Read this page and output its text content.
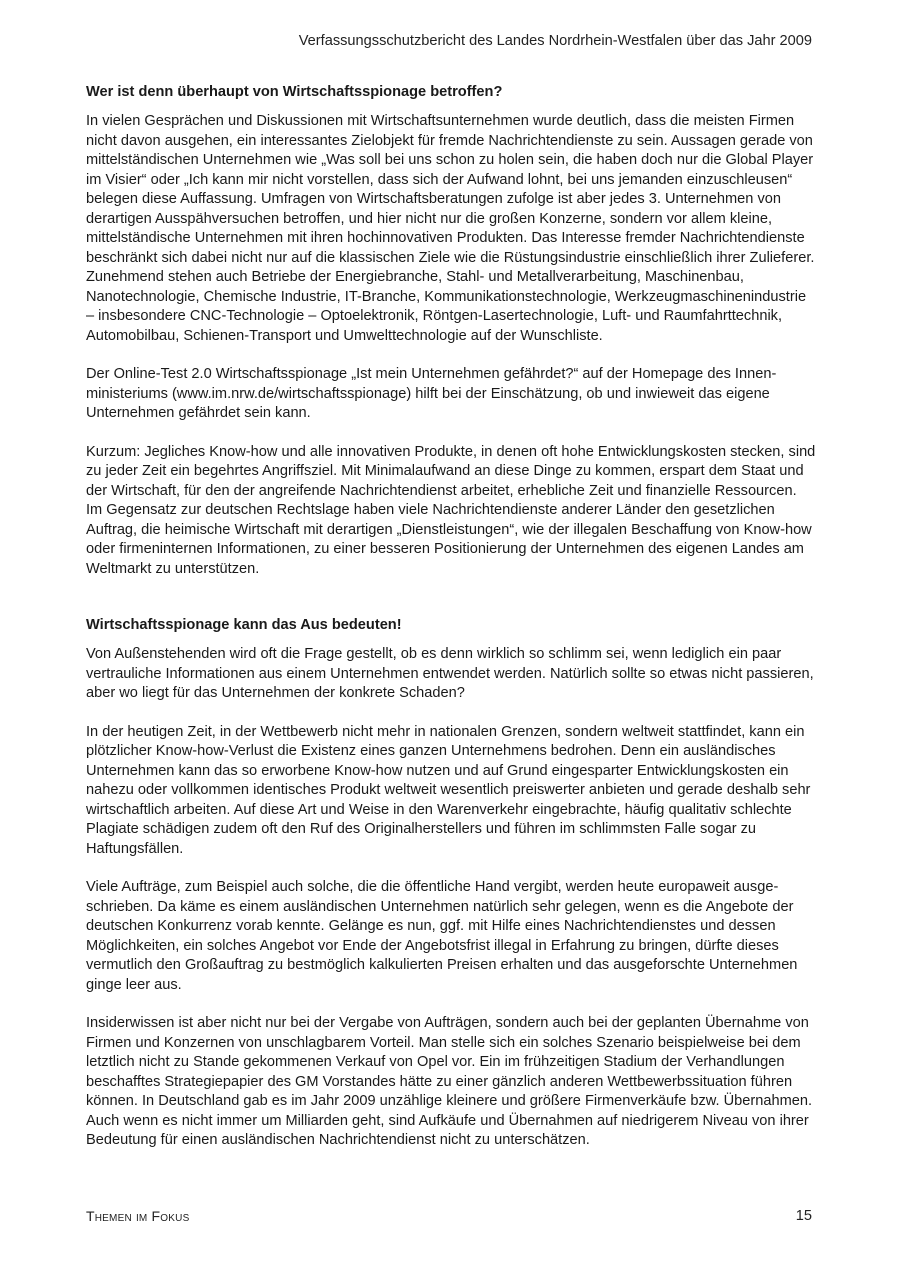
Verfassungsschutzbericht des Landes Nordrhein-Westfalen über das Jahr 2009
Wer ist denn überhaupt von Wirtschaftsspionage betroffen?

In vielen Gesprächen und Diskussionen mit Wirtschaftsunternehmen wurde deutlich, dass die meisten Firmen nicht davon ausgehen, ein interessantes Zielobjekt für fremde Nachrichtendienste zu sein. Aussagen gerade von mittelständischen Unternehmen wie „Was soll bei uns schon zu holen sein, die haben doch nur die Global Player im Visier“ oder „Ich kann mir nicht vorstellen, dass sich der Aufwand lohnt, bei uns jemanden einzuschleusen“ belegen diese Auffassung. Umfragen von Wirtschaftsberatungen zufolge ist aber jedes 3. Unternehmen von derartigen Ausspähversuchen betroffen, und hier nicht nur die großen Konzerne, sondern vor allem kleine, mittelständische Unternehmen mit ihren hochinnovativen Produkten. Das Interesse fremder Nachrichtendienste beschränkt sich dabei nicht nur auf die klassischen Ziele wie die Rüstungsindustrie einschließlich ihrer Zulieferer. Zunehmend stehen auch Betriebe der Energiebranche, Stahl- und Metallverarbeitung, Maschinenbau, Nanotechnologie, Chemische Industrie, IT-Branche, Kommunikationstechnologie, Werkzeugmaschinenindustrie – insbesondere CNC-Technologie – Optoelektronik, Röntgen-Lasertechnologie, Luft- und Raumfahrttechnik, Automobilbau, Schienen-Transport und Umwelttechnologie auf der Wunschliste.

Der Online-Test 2.0 Wirtschaftsspionage „Ist mein Unternehmen gefährdet?“ auf der Homepage des Innenministeriums (www.im.nrw.de/wirtschaftsspionage) hilft bei der Einschätzung, ob und inwieweit das eigene Unternehmen gefährdet sein kann.

Kurzum: Jegliches Know-how und alle innovativen Produkte, in denen oft hohe Entwicklungskosten stecken, sind zu jeder Zeit ein begehrtes Angriffsziel. Mit Minimalaufwand an diese Dinge zu kommen, erspart dem Staat und der Wirtschaft, für den der angreifende Nachrichtendienst arbeitet, erhebliche Zeit und finanzielle Ressourcen. Im Gegensatz zur deutschen Rechtslage haben viele Nachrichtendienste anderer Länder den gesetzlichen Auftrag, die heimische Wirtschaft mit derartigen „Dienstleistungen“, wie der illegalen Beschaffung von Know-how oder firmeninternen Informationen, zu einer besseren Positionierung der Unternehmen des eigenen Landes am Weltmarkt zu unterstützen.

Wirtschaftsspionage kann das Aus bedeuten!

Von Außenstehenden wird oft die Frage gestellt, ob es denn wirklich so schlimm sei, wenn lediglich ein paar vertrauliche Informationen aus einem Unternehmen entwendet werden. Natürlich sollte so etwas nicht passieren, aber wo liegt für das Unternehmen der konkrete Schaden?

In der heutigen Zeit, in der Wettbewerb nicht mehr in nationalen Grenzen, sondern weltweit stattfindet, kann ein plötzlicher Know-how-Verlust die Existenz eines ganzen Unternehmens bedrohen. Denn ein ausländisches Unternehmen kann das so erworbene Know-how nutzen und auf Grund eingesparter Entwicklungskosten ein nahezu oder vollkommen identisches Produkt weltweit wesentlich preiswerter anbieten und gerade deshalb sehr wirtschaftlich arbeiten. Auf diese Art und Weise in den Warenverkehr eingebrachte, häufig qualitativ schlechte Plagiate schädigen zudem oft den Ruf des Originalherstellers und führen im schlimmsten Falle sogar zu Haftungsfällen.

Viele Aufträge, zum Beispiel auch solche, die die öffentliche Hand vergibt, werden heute europaweit ausgeschrieben. Da käme es einem ausländischen Unternehmen natürlich sehr gelegen, wenn es die Angebote der deutschen Konkurrenz vorab kennte. Gelänge es nun, ggf. mit Hilfe eines Nachrichtendienstes und dessen Möglichkeiten, ein solches Angebot vor Ende der Angebotsfrist illegal in Erfahrung zu bringen, dürfte dieses vermutlich den Großauftrag zu bestmöglich kalkulierten Preisen erhalten und das ausgeforschte Unternehmen ginge leer aus.

Insiderwissen ist aber nicht nur bei der Vergabe von Aufträgen, sondern auch bei der geplanten Übernahme von Firmen und Konzernen von unschlagbarem Vorteil. Man stelle sich ein solches Szenario beispielweise bei dem letztlich nicht zu Stande gekommenen Verkauf von Opel vor. Ein im frühzeitigen Stadium der Verhandlungen beschafftes Strategiepapier des GM Vorstandes hätte zu einer gänzlich anderen Wettbewerbssituation führen können. In Deutschland gab es im Jahr 2009 unzählige kleinere und größere Firmenverkäufe bzw. Übernahmen. Auch wenn es nicht immer um Milliarden geht, sind Aufkäufe und Übernahmen auf niedrigerem Niveau von ihrer Bedeutung für einen ausländischen Nachrichtendienst nicht zu unterschätzen.

Themen im Fokus	15
